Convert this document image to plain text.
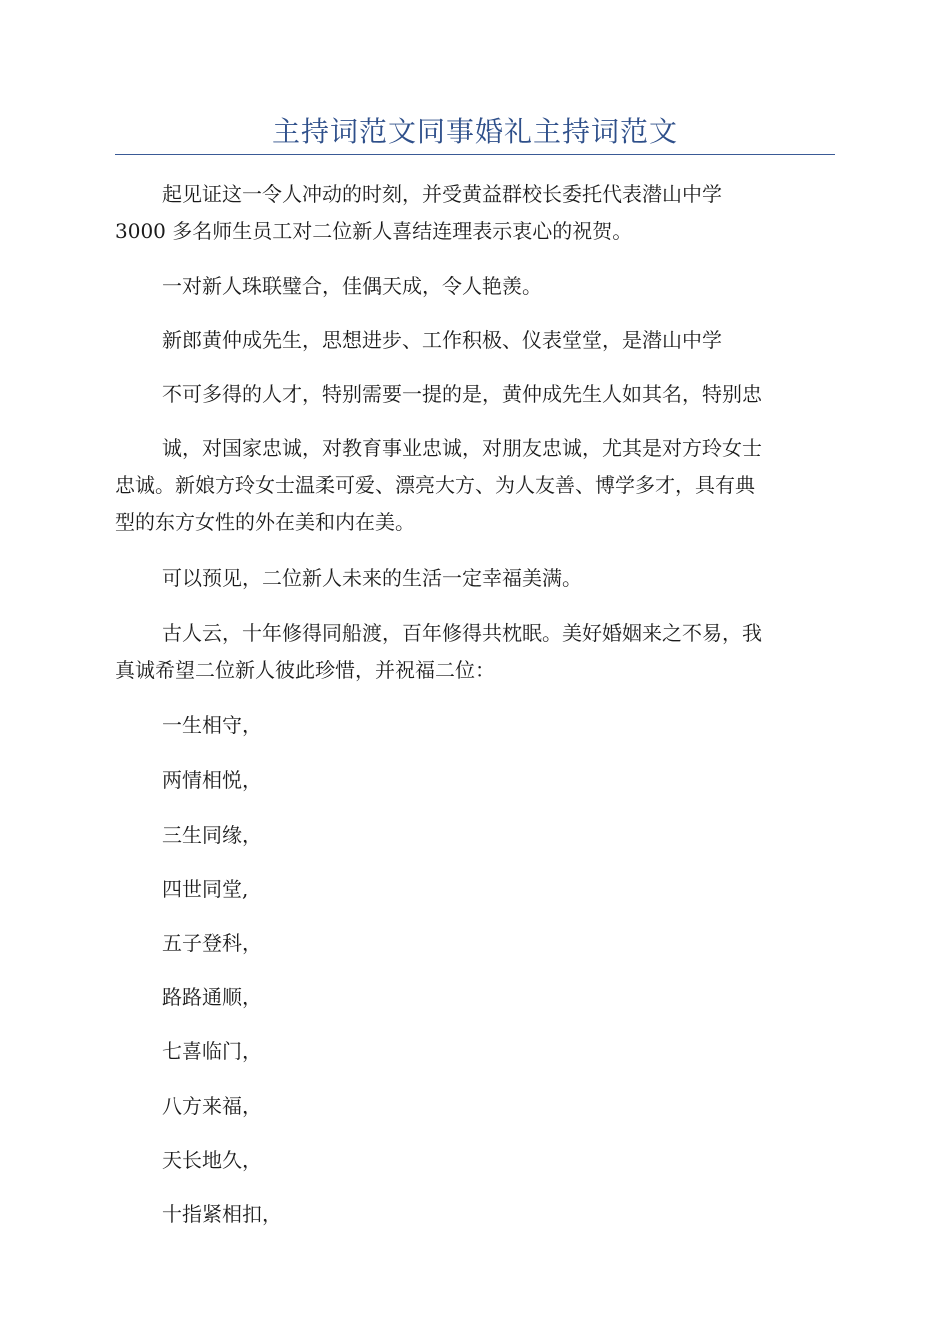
主持词范文同事婚礼主持词范文

起见证这一令人冲动的时刻，并受黄益群校长委托代表潜山中学
3000 多名师生员工对二位新人喜结连理表示衷心的祝贺。

一对新人珠联璧合，佳偶天成，令人艳羡。

新郎黄仲成先生，思想进步、工作积极、仪表堂堂，是潜山中学

不可多得的人才，特别需要一提的是，黄仲成先生人如其名，特别忠

诚，对国家忠诚，对教育事业忠诚，对朋友忠诚，尤其是对方玲女士
忠诚。新娘方玲女士温柔可爱、漂亮大方、为人友善、博学多才，具有典
型的东方女性的外在美和内在美。

可以预见，二位新人未来的生活一定幸福美满。

古人云，十年修得同船渡，百年修得共枕眠。美好婚姻来之不易，我
真诚希望二位新人彼此珍惜，并祝福二位：

一生相守，

两情相悦，

三生同缘，

四世同堂,

五子登科，

路路通顺，

七喜临门，

八方来福，

天长地久，

十指紧相扣，
